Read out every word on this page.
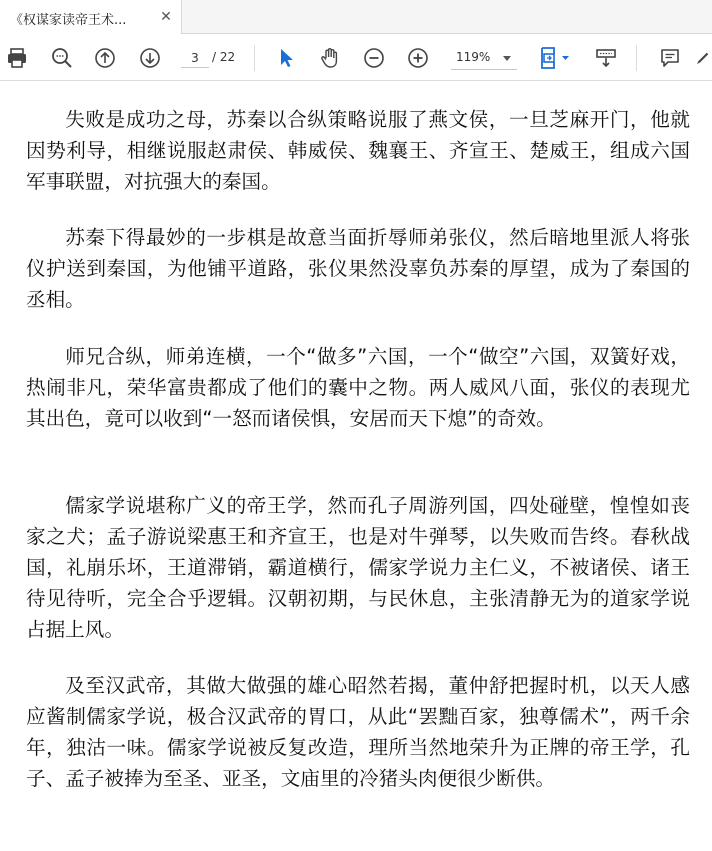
《权谋家读帝王术...	✕
3
/ 22	119%

失败是成功之母，苏秦以合纵策略说服了燕文侯，一旦芝麻开门，他就因势利导，相继说服赵肃侯、韩威侯、魏襄王、齐宣王、楚威王，组成六国军事联盟，对抗强大的秦国。

苏秦下得最妙的一步棋是故意当面折辱师弟张仪，然后暗地里派人将张仪护送到秦国，为他铺平道路，张仪果然没辜负苏秦的厚望，成为了秦国的丞相。

师兄合纵，师弟连横，一个“做多”六国，一个“做空”六国，双簧好戏，热闹非凡，荣华富贵都成了他们的囊中之物。两人威风八面，张仪的表现尤其出色，竟可以收到“一怒而诸侯惧，安居而天下熄”的奇效。

儒家学说堪称广义的帝王学，然而孔子周游列国，四处碰壁，惶惶如丧家之犬；孟子游说梁惠王和齐宣王，也是对牛弹琴，以失败而告终。春秋战国，礼崩乐坏，王道滞销，霸道横行，儒家学说力主仁义，不被诸侯、诸王待见待听，完全合乎逻辑。汉朝初期，与民休息，主张清静无为的道家学说占据上风。

及至汉武帝，其做大做强的雄心昭然若揭，董仲舒把握时机，以天人感应酱制儒家学说，极合汉武帝的胃口，从此“罢黜百家，独尊儒术”，两千余年，独沽一味。儒家学说被反复改造，理所当然地荣升为正牌的帝王学，孔子、孟子被捧为至圣、亚圣，文庙里的冷猪头肉便很少断供。
